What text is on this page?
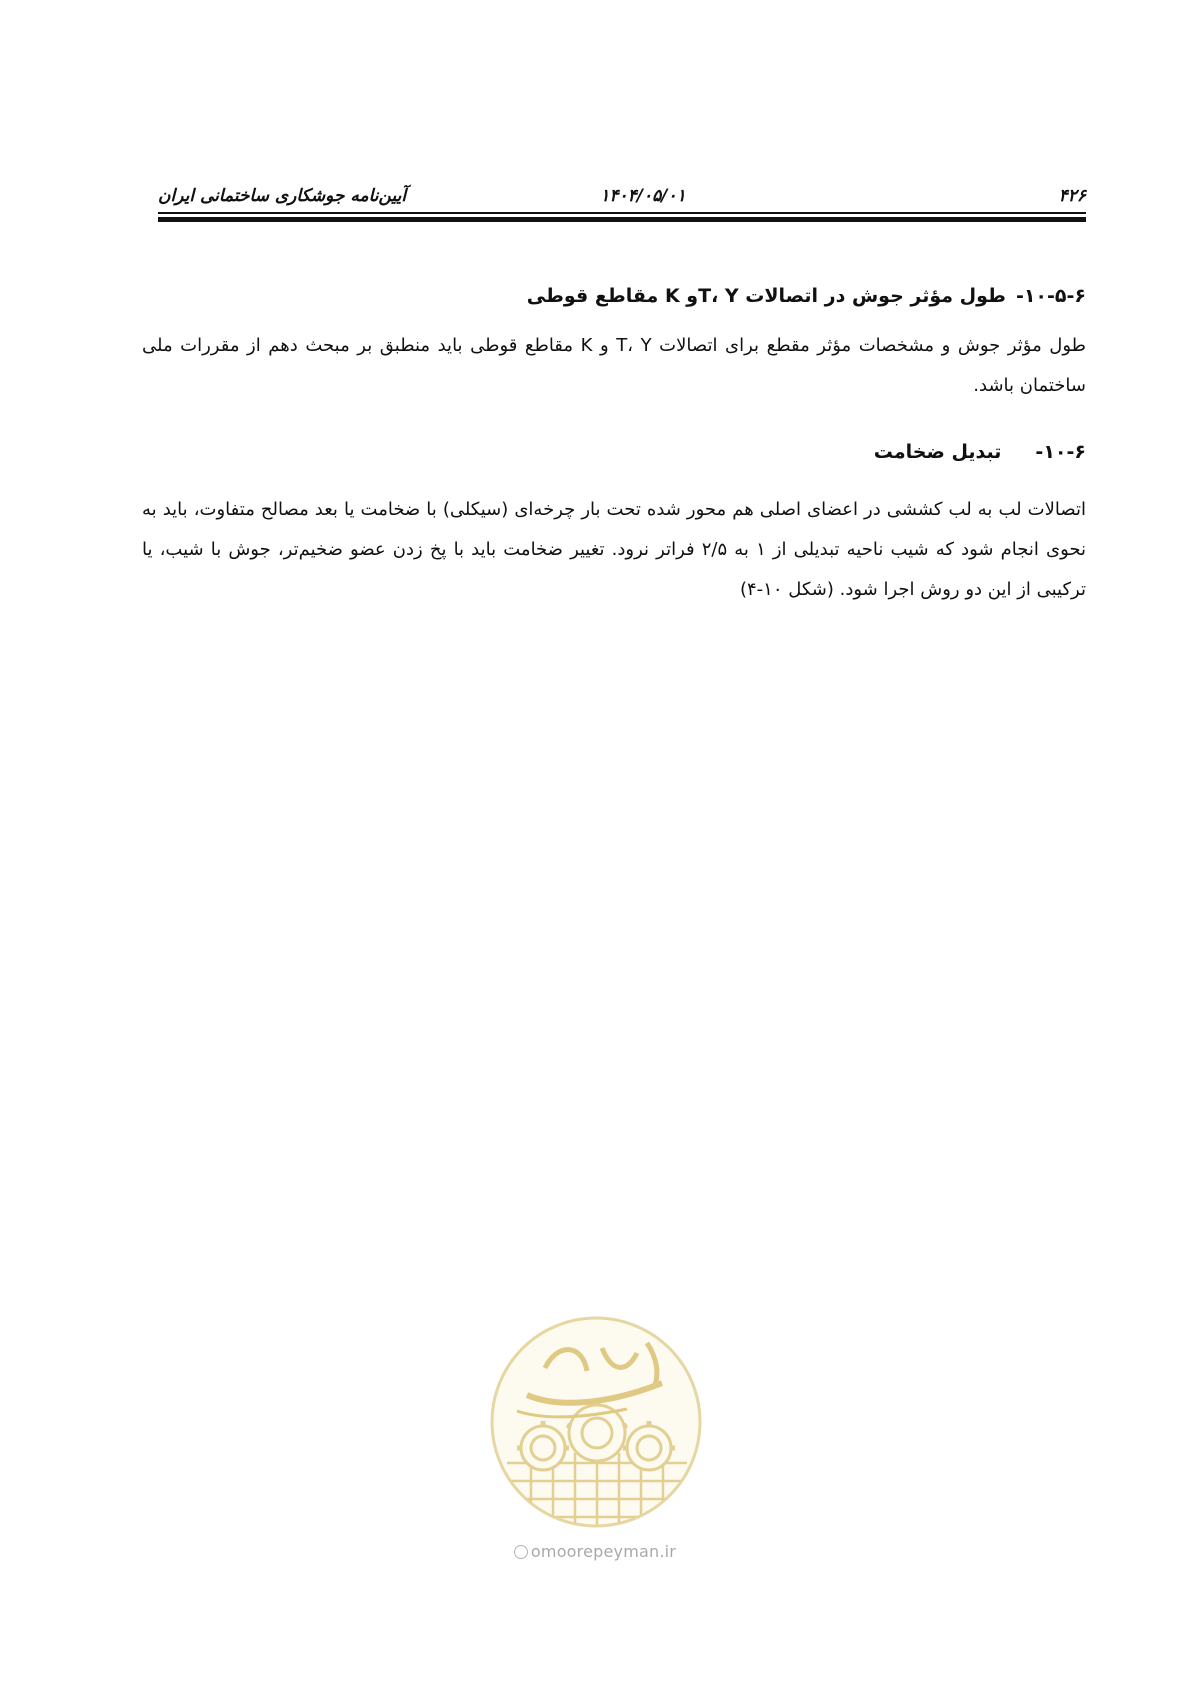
۴۲۶
۱۴۰۴/۰۵/۰۱
آیین‌نامه جوشکاری ساختمانی ایران
۱۰-۵-۶-طول مؤثر جوش در اتصالات T، Yو K مقاطع قوطی

طول مؤثر جوش و مشخصات مؤثر مقطع برای اتصالات T، Y و K مقاطع قوطی باید منطبق بر مبحث دهم از مقررات ملی ساختمان باشد.

۱۰-۶-تبدیل ضخامت

اتصالات لب به لب کششی در اعضای اصلی هم محور شده تحت بار چرخه‌ای (سیکلی) با ضخامت یا بعد مصالح متفاوت، باید به نحوی انجام شود که شیب ناحیه تبدیلی از ۱ به ۲/۵ فراتر نرود. تغییر ضخامت باید با پخ زدن عضو ضخیم‌تر، جوش با شیب، یا ترکیبی از این دو روش اجرا شود. (شکل ۱۰-۴)

omoorepeyman.ir
